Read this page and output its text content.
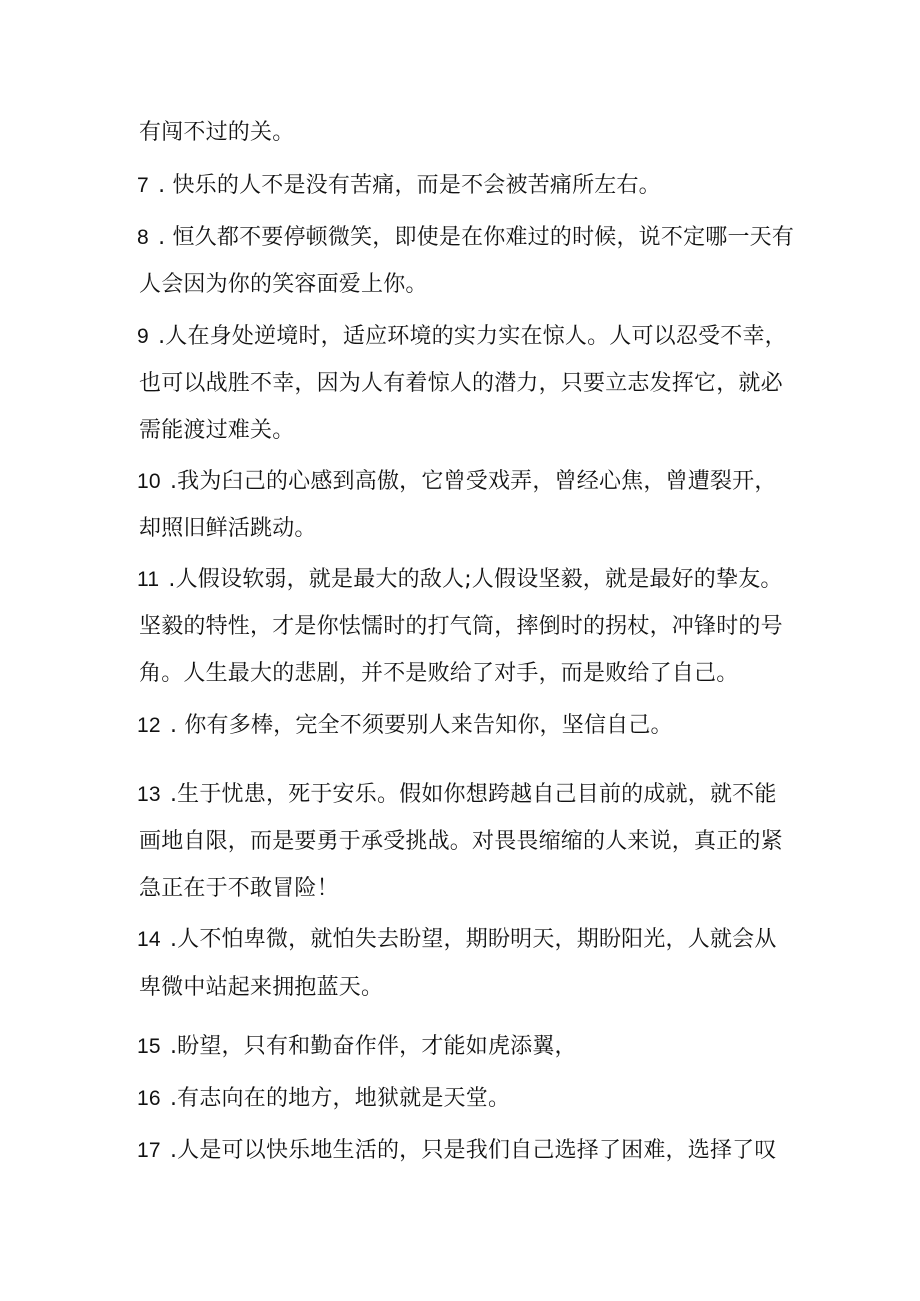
有闯不过的关。
7 . 快乐的人不是没有苦痛，而是不会被苦痛所左右。
8 . 恒久都不要停顿微笑，即使是在你难过的时候，说不定哪一天有
人会因为你的笑容面爱上你。
9 .人在身处逆境时，适应环境的实力实在惊人。人可以忍受不幸，
也可以战胜不幸，因为人有着惊人的潜力，只要立志发挥它，就必
需能渡过难关。
10 .我为臼己的心感到高傲，它曾受戏弄，曾经心焦，曾遭裂开，
却照旧鲜活跳动。
11 .人假设软弱，就是最大的敌人;人假设坚毅，就是最好的挚友。
坚毅的特性，才是你怯懦时的打气筒，摔倒时的拐杖，冲锋时的号
角。人生最大的悲剧，并不是败给了对手，而是败给了自己。
12 . 你有多棒，完全不须要别人来告知你，坚信自己。
13 .生于忧患，死于安乐。假如你想跨越自己目前的成就，就不能
画地自限，而是要勇于承受挑战。对畏畏缩缩的人来说，真正的紧
急正在于不敢冒险！
14 .人不怕卑微，就怕失去盼望，期盼明天，期盼阳光，人就会从
卑微中站起来拥抱蓝天。
15 .盼望，只有和勤奋作伴，才能如虎添翼，
16 .有志向在的地方，地狱就是天堂。
17 .人是可以快乐地生活的，只是我们自己选择了困难，选择了叹
